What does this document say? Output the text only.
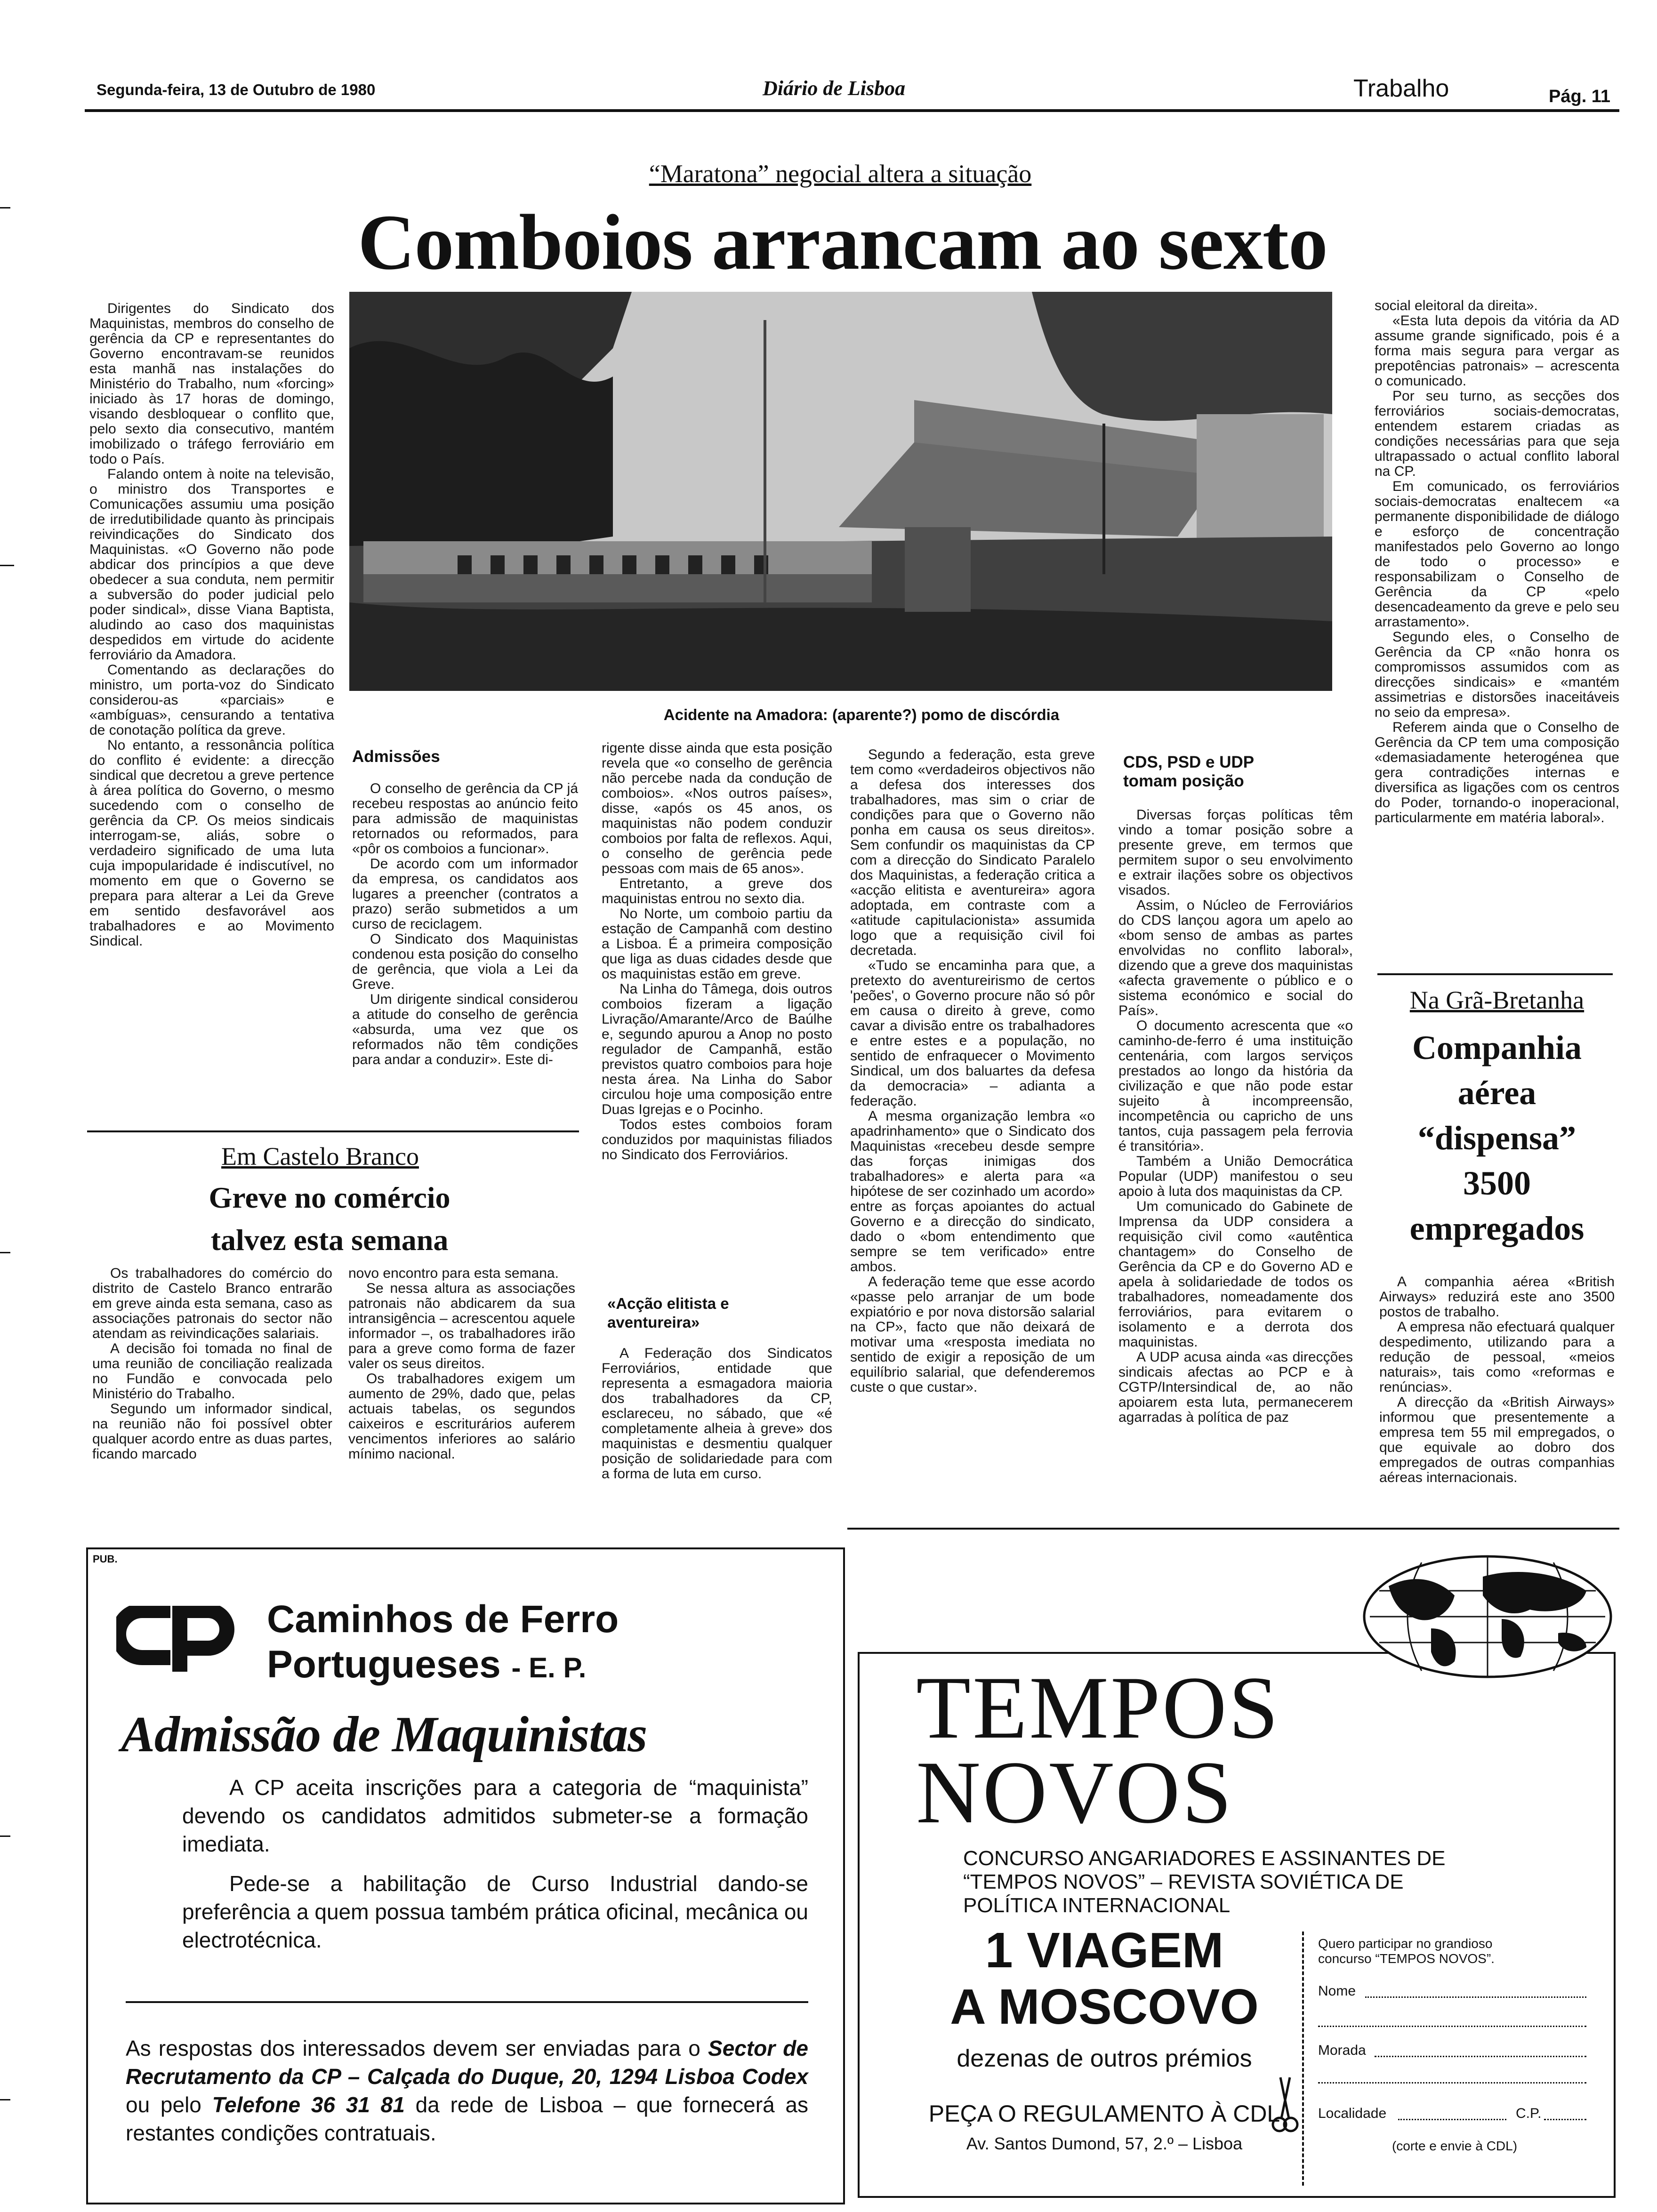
Segunda-feira, 13 de Outubro de 1980	Diário de Lisboa	Trabalho	Pág. 11
“Maratona” negocial altera a situação
Comboios arrancam ao sexto

Dirigentes do Sindicato dos Maquinistas, membros do conselho de gerência da CP e representantes do Governo encontravam-se reunidos esta manhã nas instalações do Ministério do Trabalho, num «forcing» iniciado às 17 horas de domingo, visando desbloquear o conflito que, pelo sexto dia consecutivo, mantém imobilizado o tráfego ferroviário em todo o País.

Falando ontem à noite na televisão, o ministro dos Transportes e Comunicações assumiu uma posição de irredutibilidade quanto às principais reivindicações do Sindicato dos Maquinistas. «O Governo não pode abdicar dos princípios a que deve obedecer a sua conduta, nem permitir a subversão do poder judicial pelo poder sindical», disse Viana Baptista, aludindo ao caso dos maquinistas despedidos em virtude do acidente ferroviário da Amadora.

Comentando as declarações do ministro, um porta-voz do Sindicato considerou-as «parciais» e «ambíguas», censurando a tentativa de conotação política da greve.

No entanto, a ressonância política do conflito é evidente: a direcção sindical que decretou a greve pertence à área política do Governo, o mesmo sucedendo com o conselho de gerência da CP. Os meios sindicais interrogam-se, aliás, sobre o verdadeiro significado de uma luta cuja impopularidade é indiscutível, no momento em que o Governo se prepara para alterar a Lei da Greve em sentido desfavorável aos trabalhadores e ao Movimento Sindical.

Acidente na Amadora: (aparente?) pomo de discórdia
Admissões

O conselho de gerência da CP já recebeu respostas ao anúncio feito para admissão de maquinistas retornados ou reformados, para «pôr os comboios a funcionar».

De acordo com um informador da empresa, os candidatos aos lugares a preencher (contratos a prazo) serão submetidos a um curso de reciclagem.

O Sindicato dos Maquinistas condenou esta posição do conselho de gerência, que viola a Lei da Greve.

Um dirigente sindical considerou a atitude do conselho de gerência «absurda, uma vez que os reformados não têm condições para andar a conduzir». Este di-

rigente disse ainda que esta posição revela que «o conselho de gerência não percebe nada da condução de comboios». «Nos outros países», disse, «após os 45 anos, os maquinistas não podem conduzir comboios por falta de reflexos. Aqui, o conselho de gerência pede pessoas com mais de 65 anos».

Entretanto, a greve dos maquinistas entrou no sexto dia.

No Norte, um comboio partiu da estação de Campanhã com destino a Lisboa. É a primeira composição que liga as duas cidades desde que os maquinistas estão em greve.

Na Linha do Tâmega, dois outros comboios fizeram a ligação Livração/Amarante/Arco de Baúlhe e, segundo apurou a Anop no posto regulador de Campanhã, estão previstos quatro comboios para hoje nesta área. Na Linha do Sabor circulou hoje uma composição entre Duas Igrejas e o Pocinho.

Todos estes comboios foram conduzidos por maquinistas filiados no Sindicato dos Ferroviários.

«Acção elitista e aventureira»

A Federação dos Sindicatos Ferroviários, entidade que representa a esmagadora maioria dos trabalhadores da CP, esclareceu, no sábado, que «é completamente alheia à greve» dos maquinistas e desmentiu qualquer posição de solidariedade para com a forma de luta em curso.

Segundo a federação, esta greve tem como «verdadeiros objectivos não a defesa dos interesses dos trabalhadores, mas sim o criar de condições para que o Governo não ponha em causa os seus direitos». Sem confundir os maquinistas da CP com a direcção do Sindicato Paralelo dos Maquinistas, a federação critica a «acção elitista e aventureira» agora adoptada, em contraste com a «atitude capitulacionista» assumida logo que a requisição civil foi decretada.

«Tudo se encaminha para que, a pretexto do aventureirismo de certos 'peões', o Governo procure não só pôr em causa o direito à greve, como cavar a divisão entre os trabalhadores e entre estes e a população, no sentido de enfraquecer o Movimento Sindical, um dos baluartes da defesa da democracia» – adianta a federação.

A mesma organização lembra «o apadrinhamento» que o Sindicato dos Maquinistas «recebeu desde sempre das forças inimigas dos trabalhadores» e alerta para «a hipótese de ser cozinhado um acordo» entre as forças apoiantes do actual Governo e a direcção do sindicato, dado o «bom entendimento que sempre se tem verificado» entre ambos.

A federação teme que esse acordo «passe pelo arranjar de um bode expiatório e por nova distorsão salarial na CP», facto que não deixará de motivar uma «resposta imediata no sentido de exigir a reposição de um equilíbrio salarial, que defenderemos custe o que custar».

CDS, PSD e UDP tomam posição

Diversas forças políticas têm vindo a tomar posição sobre a presente greve, em termos que permitem supor o seu envolvimento e extrair ilações sobre os objectivos visados.

Assim, o Núcleo de Ferroviários do CDS lançou agora um apelo ao «bom senso de ambas as partes envolvidas no conflito laboral», dizendo que a greve dos maquinistas «afecta gravemente o público e o sistema económico e social do País».

O documento acrescenta que «o caminho-de-ferro é uma instituição centenária, com largos serviços prestados ao longo da história da civilização e que não pode estar sujeito à incompreensão, incompetência ou capricho de uns tantos, cuja passagem pela ferrovia é transitória».

Também a União Democrática Popular (UDP) manifestou o seu apoio à luta dos maquinistas da CP.

Um comunicado do Gabinete de Imprensa da UDP considera a requisição civil como «autêntica chantagem» do Conselho de Gerência da CP e do Governo AD e apela à solidariedade de todos os trabalhadores, nomeadamente dos ferroviários, para evitarem o isolamento e a derrota dos maquinistas.

A UDP acusa ainda «as direcções sindicais afectas ao PCP e à CGTP/Intersindical de, ao não apoiarem esta luta, permanecerem agarradas à política de paz

social eleitoral da direita».

«Esta luta depois da vitória da AD assume grande significado, pois é a forma mais segura para vergar as prepotências patronais» – acrescenta o comunicado.

Por seu turno, as secções dos ferroviários sociais-democratas, entendem estarem criadas as condições necessárias para que seja ultrapassado o actual conflito laboral na CP.

Em comunicado, os ferroviários sociais-democratas enaltecem «a permanente disponibilidade de diálogo e esforço de concentração manifestados pelo Governo ao longo de todo o processo» e responsabilizam o Conselho de Gerência da CP «pelo desencadeamento da greve e pelo seu arrastamento».

Segundo eles, o Conselho de Gerência da CP «não honra os compromissos assumidos com as direcções sindicais» e «mantém assimetrias e distorsões inaceitáveis no seio da empresa».

Referem ainda que o Conselho de Gerência da CP tem uma composição «demasiadamente heterogénea que gera contradições internas e diversifica as ligações com os centros do Poder, tornando-o inoperacional, particularmente em matéria laboral».

Em Castelo Branco
Greve no comércio
talvez esta semana

Os trabalhadores do comércio do distrito de Castelo Branco entrarão em greve ainda esta semana, caso as associações patronais do sector não atendam as reivindicações salariais.

A decisão foi tomada no final de uma reunião de conciliação realizada no Fundão e convocada pelo Ministério do Trabalho.

Segundo um informador sindical, na reunião não foi possível obter qualquer acordo entre as duas partes, ficando marcado

novo encontro para esta semana.

Se nessa altura as associações patronais não abdicarem da sua intransigência – acrescentou aquele informador –, os trabalhadores irão para a greve como forma de fazer valer os seus direitos.

Os trabalhadores exigem um aumento de 29%, dado que, pelas actuais tabelas, os segundos caixeiros e escriturários auferem vencimentos inferiores ao salário mínimo nacional.

Na Grã-Bretanha
Companhia
aérea
“dispensa”
3500
empregados

A companhia aérea «British Airways» reduzirá este ano 3500 postos de trabalho.

A empresa não efectuará qualquer despedimento, utilizando para a redução de pessoal, «meios naturais», tais como «reformas e renúncias».

A direcção da «British Airways» informou que presentemente a empresa tem 55 mil empregados, o que equivale ao dobro dos empregados de outras companhias aéreas internacionais.

PUB.
Caminhos de Ferro
Portugueses - E. P.
Admissão de Maquinistas
A CP aceita inscrições para a categoria de “maquinista” devendo os candidatos admitidos submeter-se a formação imediata.
Pede-se a habilitação de Curso Industrial dando-se preferência a quem possua também prática oficinal, mecânica ou electrotécnica.
As respostas dos interessados devem ser enviadas para o Sector de Recrutamento da CP – Calçada do Duque, 20, 1294 Lisboa Codex ou pelo Telefone 36 31 81 da rede de Lisboa – que fornecerá as restantes condições contratuais.
TEMPOS
NOVOS
CONCURSO ANGARIADORES E ASSINANTES DE “TEMPOS NOVOS” – REVISTA SOVIÉTICA DE POLÍTICA INTERNACIONAL
1 VIAGEM
A MOSCOVO
dezenas de outros prémios
PEÇA O REGULAMENTO À CDL
Av. Santos Dumond, 57, 2.º – Lisboa
Quero participar no grandioso concurso “TEMPOS NOVOS”.
Nome
Morada
Localidade	C.P.
(corte e envie à CDL)
